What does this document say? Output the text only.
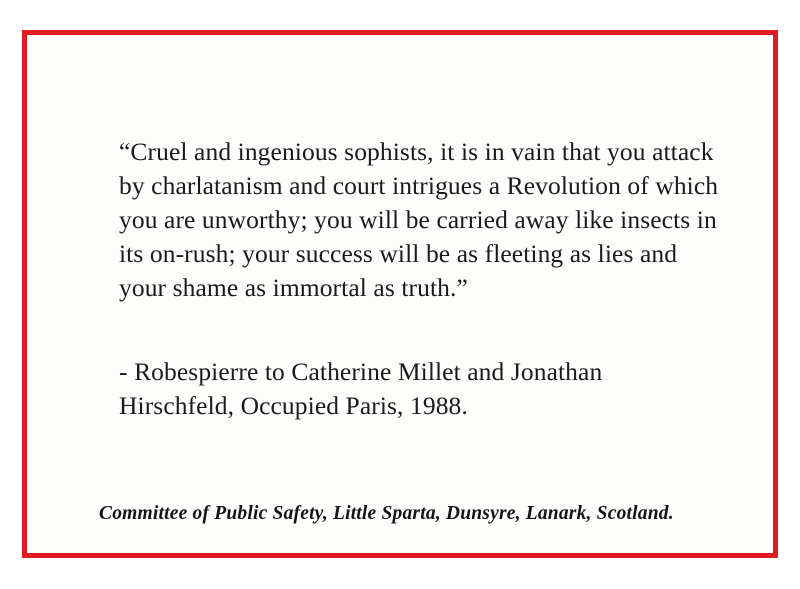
“Cruel and ingenious sophists, it is in vain that you attack by charlatanism and court intrigues a Revolution of which you are unworthy; you will be carried away like insects in its on-rush; your success will be as fleeting as lies and your shame as immortal as truth.”
- Robespierre to Catherine Millet and Jonathan Hirschfeld, Occupied Paris, 1988.
Committee of Public Safety, Little Sparta, Dunsyre, Lanark, Scotland.
